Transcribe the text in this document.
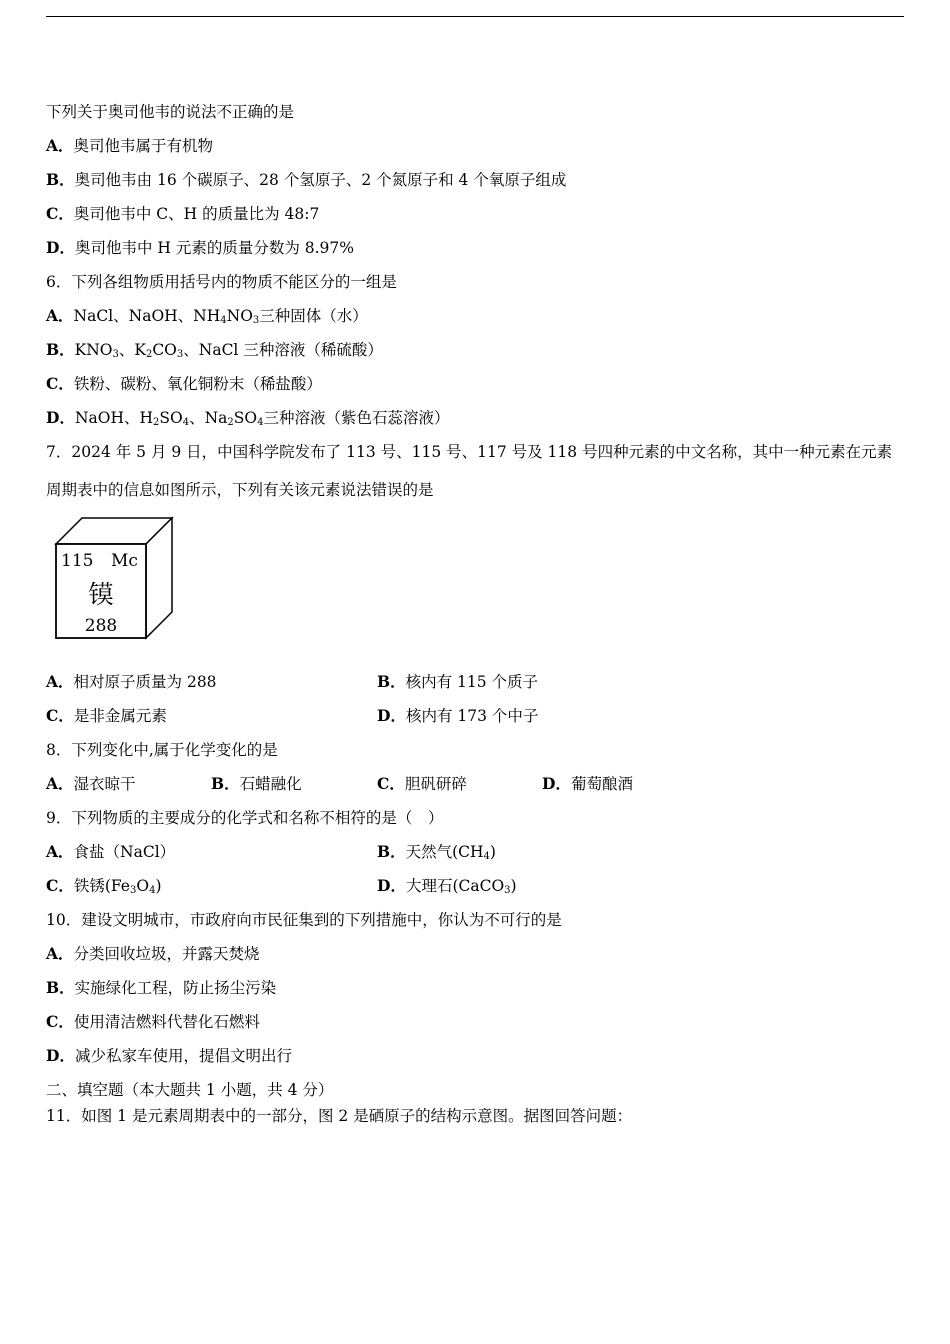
下列关于奥司他韦的说法不正确的是
A．奥司他韦属于有机物
B．奥司他韦由 16 个碳原子、28 个氢原子、2 个氮原子和 4 个氧原子组成
C．奥司他韦中 C、H 的质量比为 48:7
D．奥司他韦中 H 元素的质量分数为 8.97%
6．下列各组物质用括号内的物质不能区分的一组是
A．NaCl、NaOH、$NH_4NO_3$三种固体（水）
B．$KNO_3$、$K_2CO_3$、NaCl 三种溶液（稀硫酸）
C．铁粉、碳粉、氧化铜粉末（稀盐酸）
D．NaOH、$H_2SO_4$、$Na_2SO_4$三种溶液（紫色石蕊溶液）
7．2024 年 5 月 9 日，中国科学院发布了 113 号、115 号、117 号及 118 号四种元素的中文名称，其中一种元素在元素
周期表中的信息如图所示，下列有关该元素说法错误的是
115 Mc
镆
288
A．相对原子质量为 288	B．核内有 115 个质子
C．是非金属元素	D．核内有 173 个中子
8．下列变化中,属于化学变化的是
A．湿衣晾干	B．石蜡融化	C．胆矾研碎	D．葡萄酿酒
9．下列物质的主要成分的化学式和名称不相符的是（　）
A．食盐（NaCl）	B．天然气$(CH_4)$
C．铁锈$(Fe_3O_4)$	D．大理石(CaCO$_3$)
10．建设文明城市，市政府向市民征集到的下列措施中，你认为不可行的是
A．分类回收垃圾，并露天焚烧
B．实施绿化工程，防止扬尘污染
C．使用清洁燃料代替化石燃料
D．减少私家车使用，提倡文明出行
二、填空题（本大题共 1 小题，共 4 分）
11．如图 1 是元素周期表中的一部分，图 2 是硒原子的结构示意图。据图回答问题：
